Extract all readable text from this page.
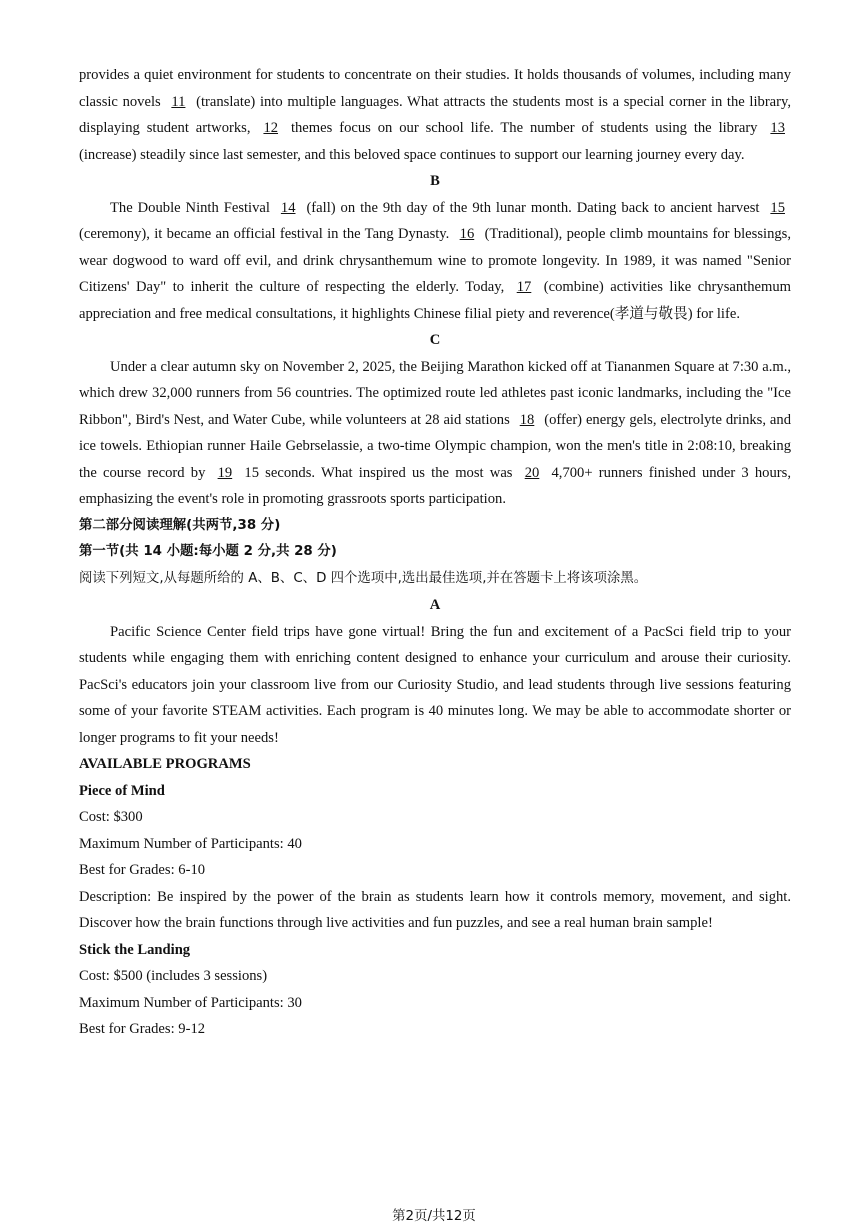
provides a quiet environment for students to concentrate on their studies. It holds thousands of volumes, including many classic novels 11 (translate) into multiple languages. What attracts the students most is a special corner in the library, displaying student artworks, 12 themes focus on our school life. The number of students using the library 13 (increase) steadily since last semester, and this beloved space continues to support our learning journey every day.

B

The Double Ninth Festival 14 (fall) on the 9th day of the 9th lunar month. Dating back to ancient harvest 15 (ceremony), it became an official festival in the Tang Dynasty. 16 (Traditional), people climb mountains for blessings, wear dogwood to ward off evil, and drink chrysanthemum wine to promote longevity. In 1989, it was named "Senior Citizens' Day" to inherit the culture of respecting the elderly. Today, 17 (combine) activities like chrysanthemum appreciation and free medical consultations, it highlights Chinese filial piety and reverence(孝道与敬畏) for life.

C

Under a clear autumn sky on November 2, 2025, the Beijing Marathon kicked off at Tiananmen Square at 7:30 a.m., which drew 32,000 runners from 56 countries. The optimized route led athletes past iconic landmarks, including the "Ice Ribbon", Bird's Nest, and Water Cube, while volunteers at 28 aid stations 18 (offer) energy gels, electrolyte drinks, and ice towels. Ethiopian runner Haile Gebrselassie, a two-time Olympic champion, won the men's title in 2:08:10, breaking the course record by 19 15 seconds. What inspired us the most was 20 4,700+ runners finished under 3 hours, emphasizing the event's role in promoting grassroots sports participation.

第二部分阅读理解(共两节,38 分)

第一节(共 14 小题:每小题 2 分,共 28 分)

阅读下列短文,从每题所给的 A、B、C、D 四个选项中,选出最佳选项,并在答题卡上将该项涂黑。

A

Pacific Science Center field trips have gone virtual! Bring the fun and excitement of a PacSci field trip to your students while engaging them with enriching content designed to enhance your curriculum and arouse their curiosity. PacSci's educators join your classroom live from our Curiosity Studio, and lead students through live sessions featuring some of your favorite STEAM activities. Each program is 40 minutes long. We may be able to accommodate shorter or longer programs to fit your needs!

AVAILABLE PROGRAMS

Piece of Mind

Cost: $300

Maximum Number of Participants: 40

Best for Grades: 6-10

Description: Be inspired by the power of the brain as students learn how it controls memory, movement, and sight. Discover how the brain functions through live activities and fun puzzles, and see a real human brain sample!

Stick the Landing

Cost: $500 (includes 3 sessions)

Maximum Number of Participants: 30

Best for Grades: 9-12

第2页/共12页
